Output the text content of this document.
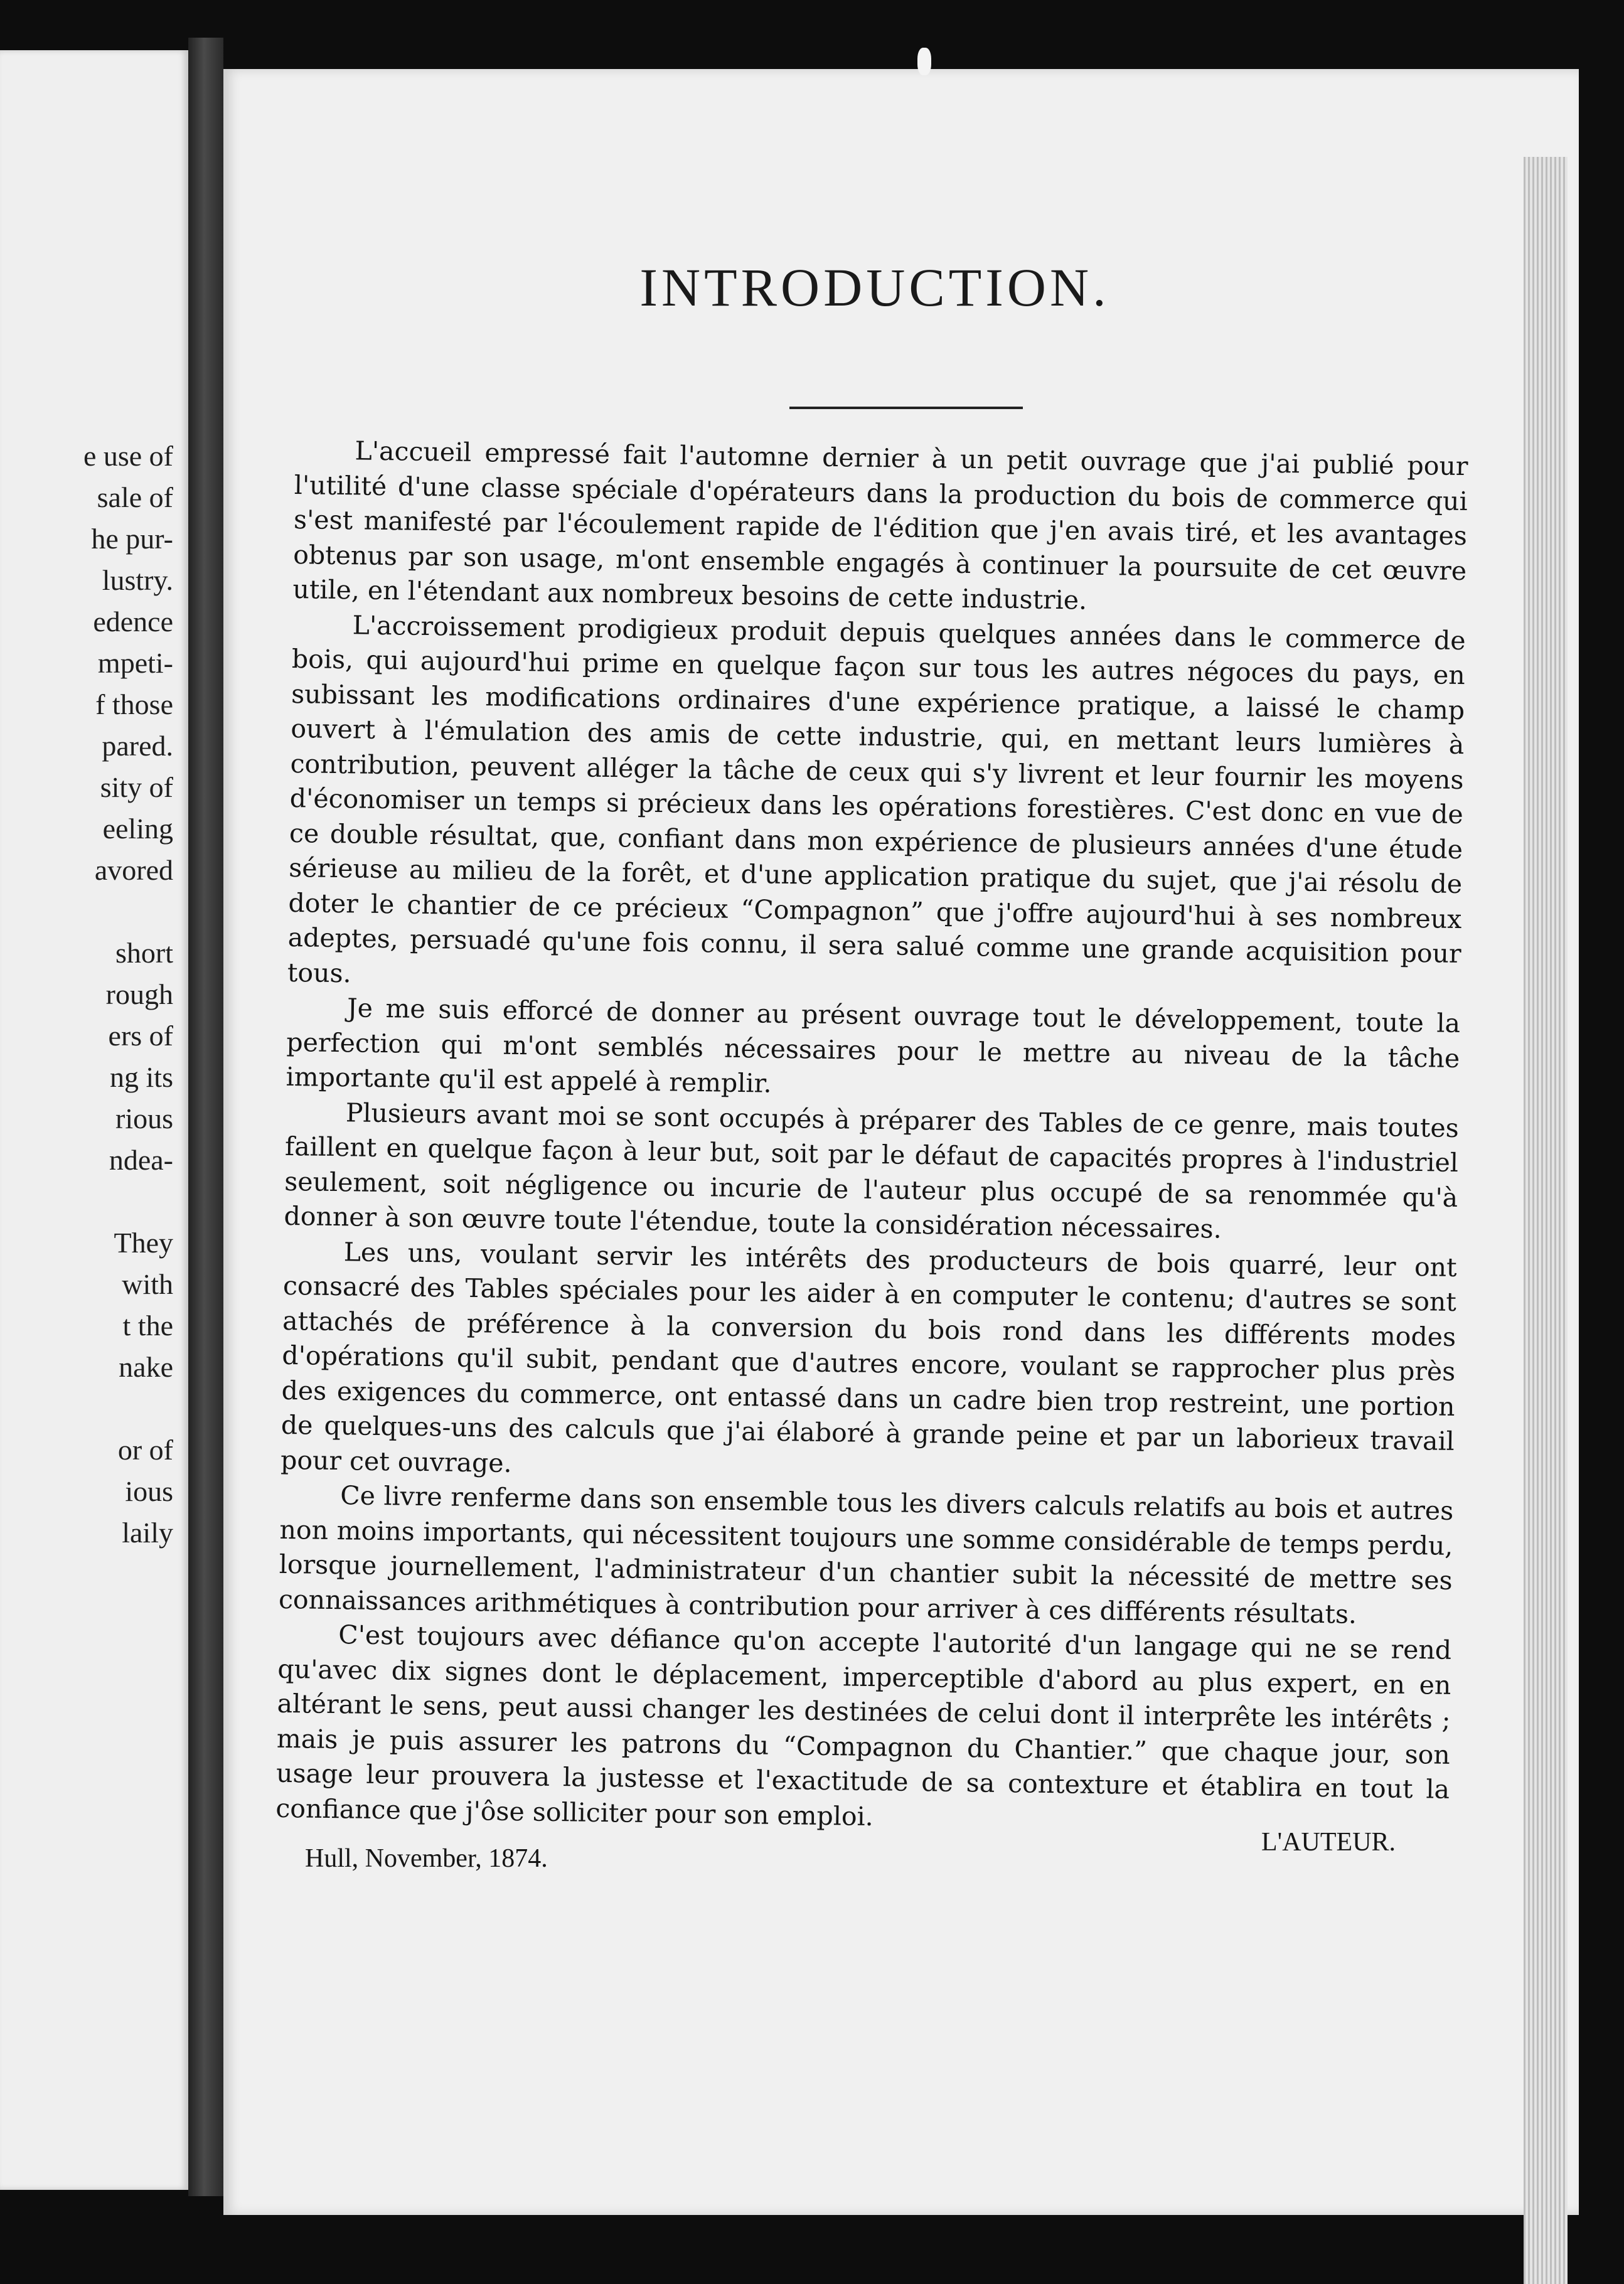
e use of
sale of
he pur-
lustry.
edence
mpeti-
f those
pared.
sity of
eeling
avored
short
rough
ers of
ng its
rious
ndea-
They
with
t the
nake
or of
ious
laily
INTRODUCTION.

L'accueil empressé fait l'automne dernier à un petit ouvrage que j'ai publié pour l'utilité d'une classe spéciale d'opérateurs dans la production du bois de commerce qui s'est manifesté par l'écoulement rapide de l'édition que j'en avais tiré, et les avantages obtenus par son usage, m'ont ensemble engagés à continuer la poursuite de cet œuvre utile, en l'étendant aux nombreux besoins de cette industrie.

L'accroissement prodigieux produit depuis quelques années dans le commerce de bois, qui aujourd'hui prime en quelque façon sur tous les autres négoces du pays, en subissant les modifications ordinaires d'une expérience pratique, a laissé le champ ouvert à l'émulation des amis de cette industrie, qui, en mettant leurs lumières à contribution, peuvent alléger la tâche de ceux qui s'y livrent et leur fournir les moyens d'économiser un temps si précieux dans les opérations forestières. C'est donc en vue de ce double résultat, que, confiant dans mon expérience de plusieurs années d'une étude sérieuse au milieu de la forêt, et d'une application pratique du sujet, que j'ai résolu de doter le chantier de ce précieux “Compagnon” que j'offre aujourd'hui à ses nombreux adeptes, persuadé qu'une fois connu, il sera salué comme une grande acquisition pour tous.

Je me suis efforcé de donner au présent ouvrage tout le développement, toute la perfection qui m'ont semblés nécessaires pour le mettre au niveau de la tâche importante qu'il est appelé à remplir.

Plusieurs avant moi se sont occupés à préparer des Tables de ce genre, mais toutes faillent en quelque façon à leur but, soit par le défaut de capacités propres à l'industriel seulement, soit négligence ou incurie de l'auteur plus occupé de sa renommée qu'à donner à son œuvre toute l'étendue, toute la considération nécessaires.

Les uns, voulant servir les intérêts des producteurs de bois quarré, leur ont consacré des Tables spéciales pour les aider à en computer le contenu; d'autres se sont attachés de préférence à la conversion du bois rond dans les différents modes d'opérations qu'il subit, pendant que d'autres encore, voulant se rapprocher plus près des exigences du commerce, ont entassé dans un cadre bien trop restreint, une portion de quelques-uns des calculs que j'ai élaboré à grande peine et par un laborieux travail pour cet ouvrage.

Ce livre renferme dans son ensemble tous les divers calculs relatifs au bois et autres non moins importants, qui nécessitent toujours une somme considérable de temps perdu, lorsque journellement, l'administrateur d'un chantier subit la nécessité de mettre ses connaissances arithmétiques à contribution pour arriver à ces différents résultats.

C'est toujours avec défiance qu'on accepte l'autorité d'un langage qui ne se rend qu'avec dix signes dont le déplacement, imperceptible d'abord au plus expert, en en altérant le sens, peut aussi changer les destinées de celui dont il interprête les intérêts ; mais je puis assurer les patrons du “Compagnon du Chantier.” que chaque jour, son usage leur prouvera la justesse et l'exactitude de sa contexture et établira en tout la confiance que j'ôse solliciter pour son emploi.

Hull, November, 1874.
L'AUTEUR.
